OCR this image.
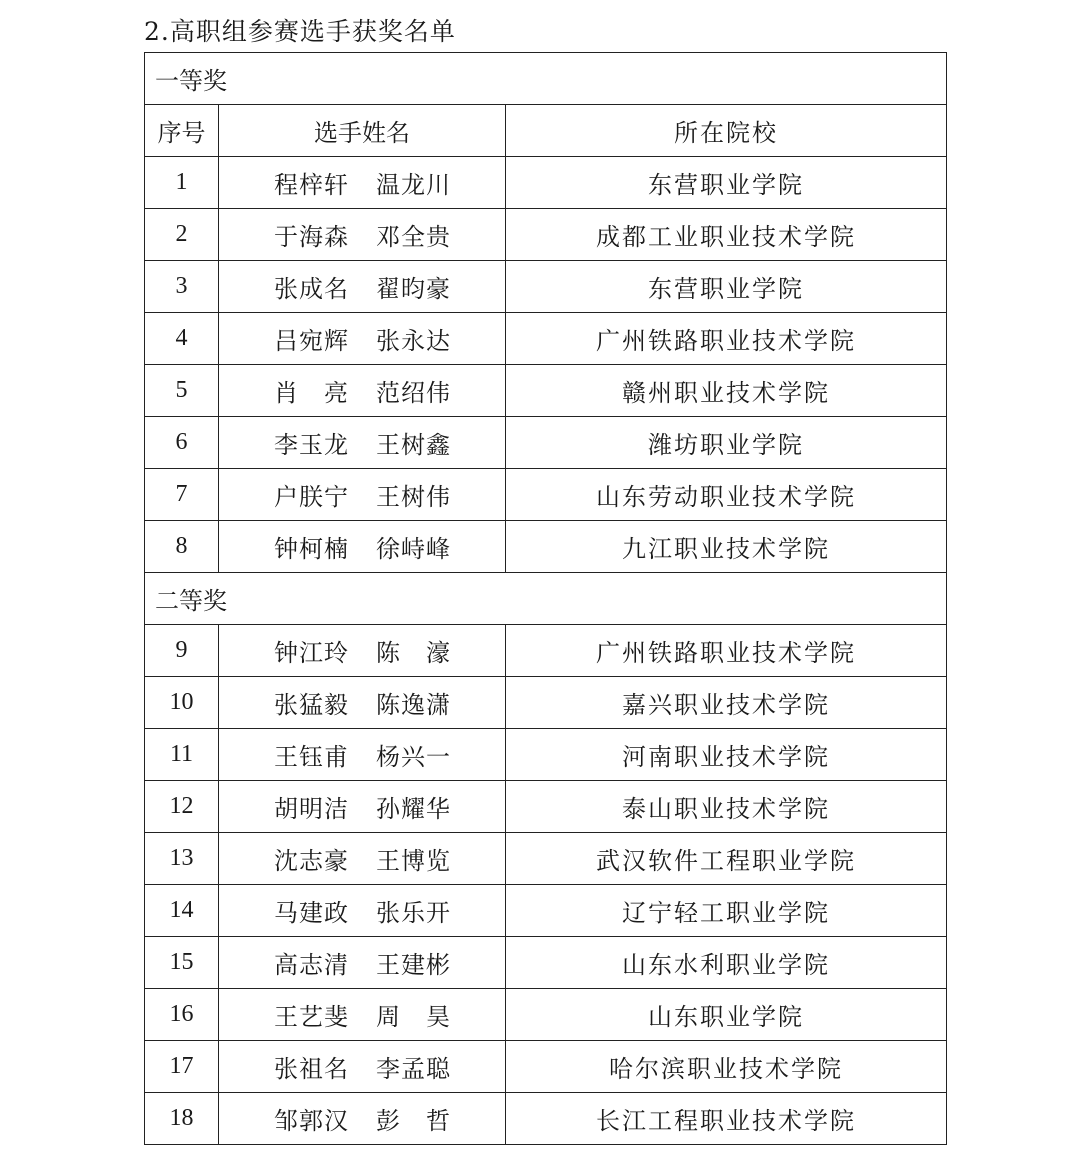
2.高职组参赛选手获奖名单
一等奖		
序号	选手姓名	所在院校
1	程梓轩 温龙川	东营职业学院
2	于海森 邓全贵	成都工业职业技术学院
3	张成名 翟昀豪	东营职业学院
4	吕宛辉 张永达	广州铁路职业技术学院
5	肖　亮 范绍伟	赣州职业技术学院
6	李玉龙 王树鑫	潍坊职业学院
7	户朕宁 王树伟	山东劳动职业技术学院
8	钟柯楠 徐峙峰	九江职业技术学院
二等奖		
9	钟江玲 陈　濠	广州铁路职业技术学院
10	张猛毅 陈逸潇	嘉兴职业技术学院
11	王钰甫 杨兴一	河南职业技术学院
12	胡明洁 孙耀华	泰山职业技术学院
13	沈志豪 王博览	武汉软件工程职业学院
14	马建政 张乐开	辽宁轻工职业学院
15	高志清 王建彬	山东水利职业学院
16	王艺斐 周　昊	山东职业学院
17	张祖名 李孟聪	哈尔滨职业技术学院
18	邹郭汉 彭　哲	长江工程职业技术学院
